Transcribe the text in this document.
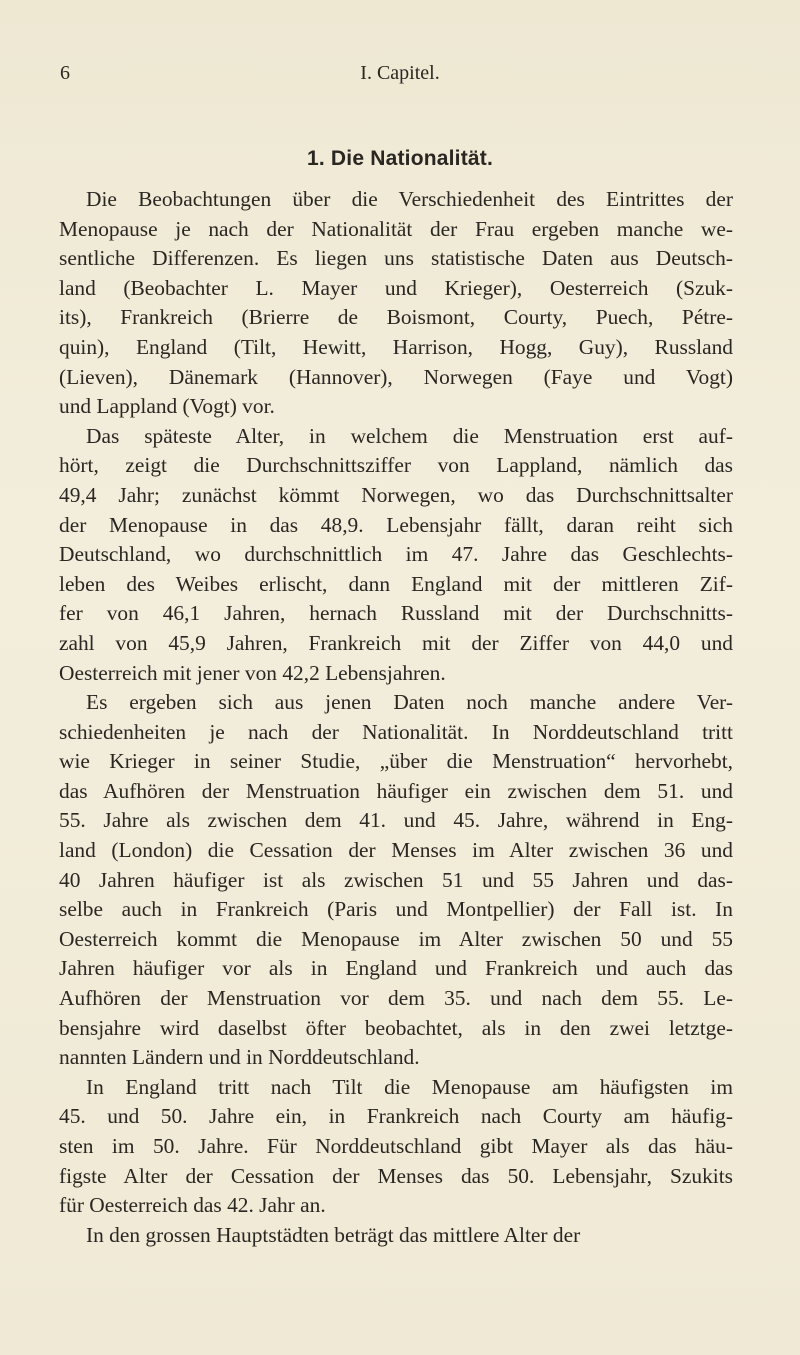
6	I. Capitel.
1. Die Nationalität.

Die Beobachtungen über die Verschiedenheit des Eintrittes der
Menopause je nach der Nationalität der Frau ergeben manche we-
sentliche Differenzen. Es liegen uns statistische Daten aus Deutsch-
land (Beobachter L. Mayer und Krieger), Oesterreich (Szuk-
its), Frankreich (Brierre de Boismont, Courty, Puech, Pétre-
quin), England (Tilt, Hewitt, Harrison, Hogg, Guy), Russland
(Lieven), Dänemark (Hannover), Norwegen (Faye und Vogt)
und Lappland (Vogt) vor.

Das späteste Alter, in welchem die Menstruation erst auf-
hört, zeigt die Durchschnittsziffer von Lappland, nämlich das
49,4 Jahr; zunächst kömmt Norwegen, wo das Durchschnittsalter
der Menopause in das 48,9. Lebensjahr fällt, daran reiht sich
Deutschland, wo durchschnittlich im 47. Jahre das Geschlechts-
leben des Weibes erlischt, dann England mit der mittleren Zif-
fer von 46,1 Jahren, hernach Russland mit der Durchschnitts-
zahl von 45,9 Jahren, Frankreich mit der Ziffer von 44,0 und
Oesterreich mit jener von 42,2 Lebensjahren.

Es ergeben sich aus jenen Daten noch manche andere Ver-
schiedenheiten je nach der Nationalität. In Norddeutschland tritt
wie Krieger in seiner Studie, „über die Menstruation“ hervorhebt,
das Aufhören der Menstruation häufiger ein zwischen dem 51. und
55. Jahre als zwischen dem 41. und 45. Jahre, während in Eng-
land (London) die Cessation der Menses im Alter zwischen 36 und
40 Jahren häufiger ist als zwischen 51 und 55 Jahren und das-
selbe auch in Frankreich (Paris und Montpellier) der Fall ist. In
Oesterreich kommt die Menopause im Alter zwischen 50 und 55
Jahren häufiger vor als in England und Frankreich und auch das
Aufhören der Menstruation vor dem 35. und nach dem 55. Le-
bensjahre wird daselbst öfter beobachtet, als in den zwei letztge-
nannten Ländern und in Norddeutschland.

In England tritt nach Tilt die Menopause am häufigsten im
45. und 50. Jahre ein, in Frankreich nach Courty am häufig-
sten im 50. Jahre. Für Norddeutschland gibt Mayer als das häu-
figste Alter der Cessation der Menses das 50. Lebensjahr, Szukits
für Oesterreich das 42. Jahr an.

In den grossen Hauptstädten beträgt das mittlere Alter der
